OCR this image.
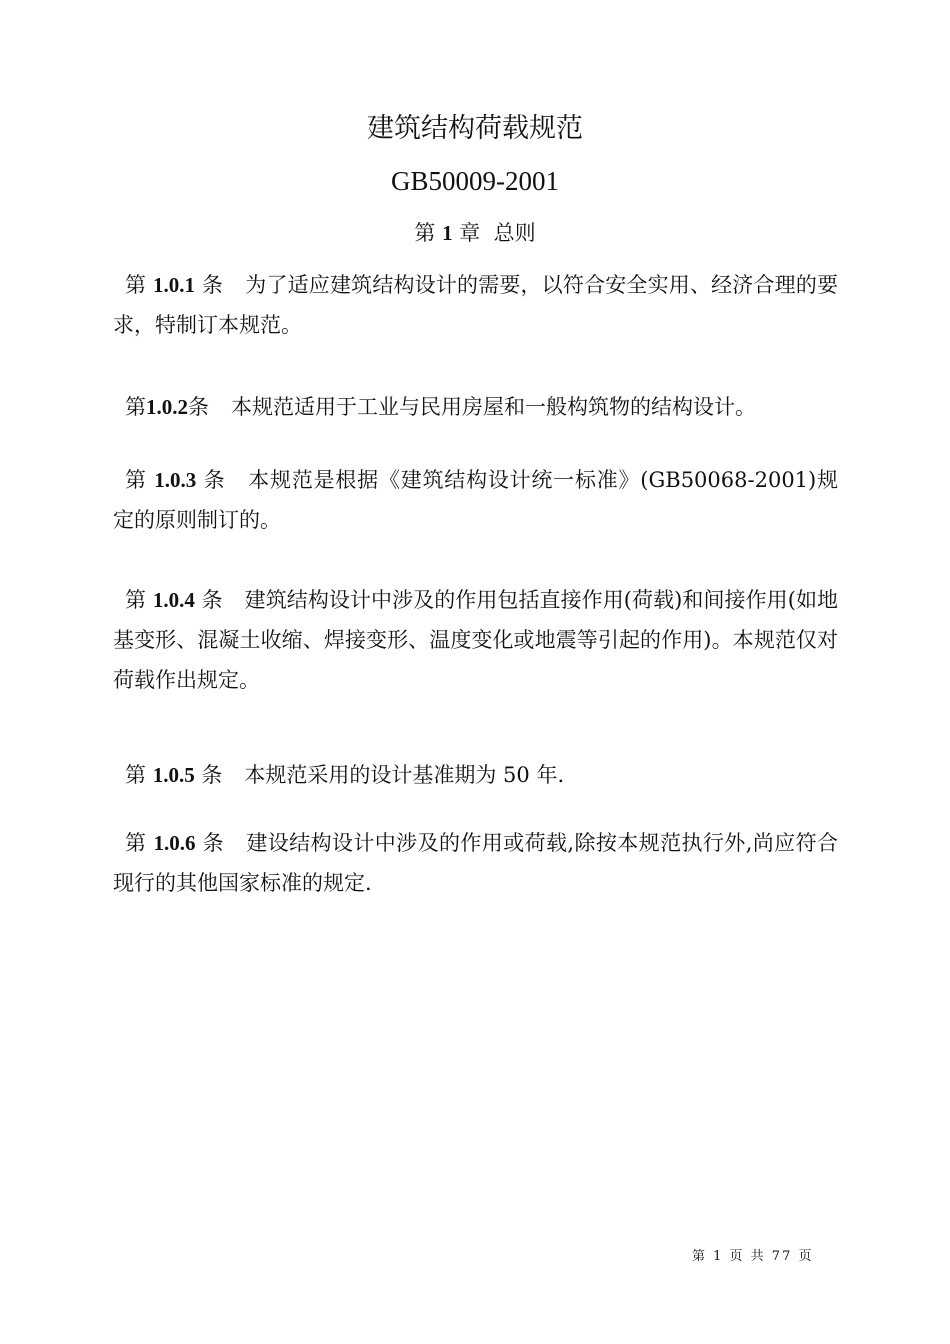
建筑结构荷载规范
GB50009-2001
第 1 章 总则

第 1.0.1 条 为了适应建筑结构设计的需要，以符合安全实用、经济合理的要求，特制订本规范。

第1.0.2条 本规范适用于工业与民用房屋和一般构筑物的结构设计。

第 1.0.3 条 本规范是根据《建筑结构设计统一标准》(GB50068-2001)规定的原则制订的。

第 1.0.4 条 建筑结构设计中涉及的作用包括直接作用(荷载)和间接作用(如地基变形、混凝土收缩、焊接变形、温度变化或地震等引起的作用)。本规范仅对荷载作出规定。

第 1.0.5 条 本规范采用的设计基准期为 50 年.

第 1.0.6 条 建设结构设计中涉及的作用或荷载,除按本规范执行外,尚应符合现行的其他国家标准的规定.

第 1 页 共 77 页
